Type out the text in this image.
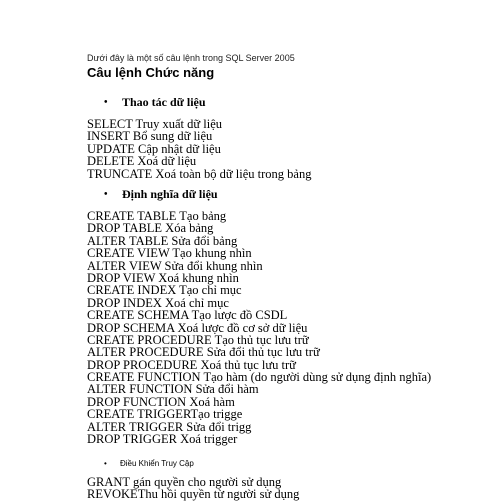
Dưới đây là một số câu lệnh trong SQL Server 2005
Câu lệnh Chức năng
• Thao tác dữ liệu
SELECT Truy xuất dữ liệu
INSERT Bổ sung dữ liệu
UPDATE Cập nhật dữ liệu
DELETE Xoá dữ liệu
TRUNCATE Xoá toàn bộ dữ liệu trong bảng
• Định nghĩa dữ liệu
CREATE TABLE Tạo bảng
DROP TABLE Xóa bảng
ALTER TABLE Sửa đổi bảng
CREATE VIEW Tạo khung nhìn
ALTER VIEW Sửa đổi khung nhìn
DROP VIEW Xoá khung nhìn
CREATE INDEX Tạo chỉ mục
DROP INDEX Xoá chỉ mục
CREATE SCHEMA Tạo lược đồ CSDL
DROP SCHEMA Xoá lược đồ cơ sở dữ liệu
CREATE PROCEDURE Tạo thủ tục lưu trữ
ALTER PROCEDURE Sửa đổi thủ tục lưu trữ
DROP PROCEDURE Xoá thủ tục lưu trữ
CREATE FUNCTION Tạo hàm (do người dùng sử dụng định nghĩa)
ALTER FUNCTION Sửa đổi hàm
DROP FUNCTION Xoá hàm
CREATE TRIGGERTạo trigge
ALTER TRIGGER Sửa đổi trigg
DROP TRIGGER Xoá trigger
• Điều Khiển Truy Cập
GRANT gán quyền cho người sử dụng
REVOKEThu hồi quyền từ người sử dụng
